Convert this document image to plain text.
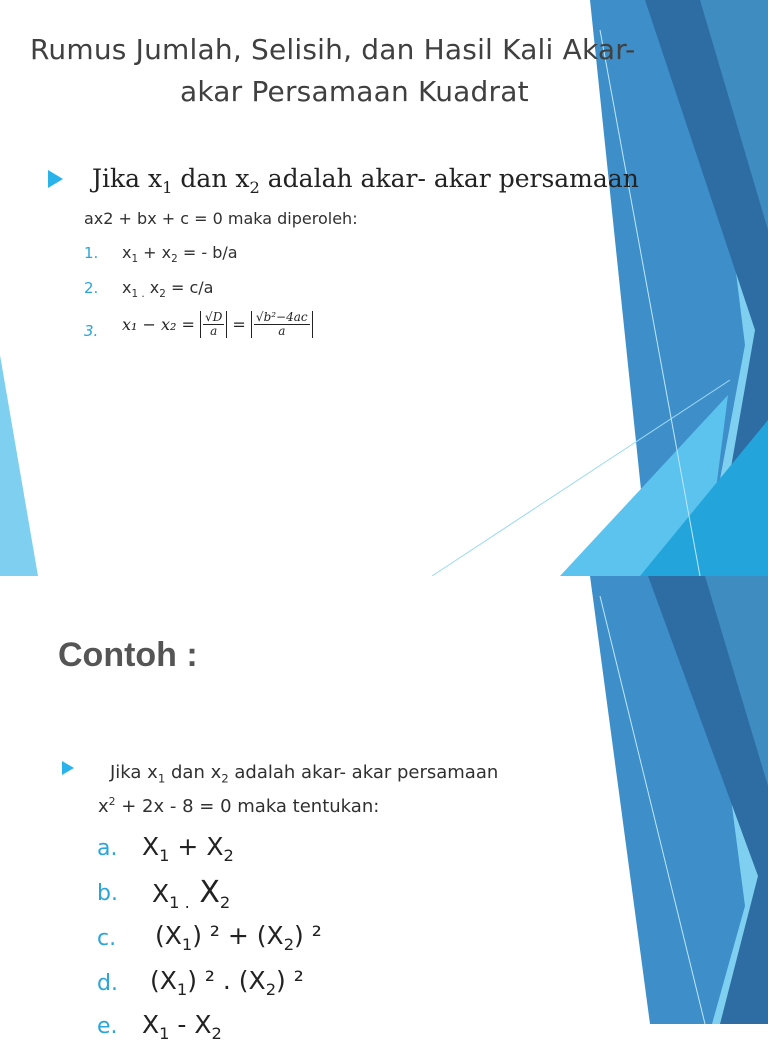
Rumus Jumlah, Selisih, dan Hasil Kali Akar-
akar Persamaan Kuadrat
Jika $x_1$ dan $x_2$ adalah akar- akar persamaan
ax2 + bx + c = 0 maka diperoleh:
1. $x_1 + x_2$ = - b/a
2. $x_{1 .}$ $x_2 = c/a$
3. $x_1 - x_2 = \frac{√D}{a} = \frac{\text{√b²−4ac}}{a}$
Contoh :
Jika $x_1$ dan $x_2$ adalah akar- akar persamaan
$x^2 + 2x - 8 = 0$ maka tentukan:
a. $X_1 + X_2$
b. $X_{1 .}$ $X_2$
c. $(X_1) ^2 + (X_2)$ ²
d. $(X_1)$ ² . $(X_2)$ ²
e. $X_1 - X_2$
